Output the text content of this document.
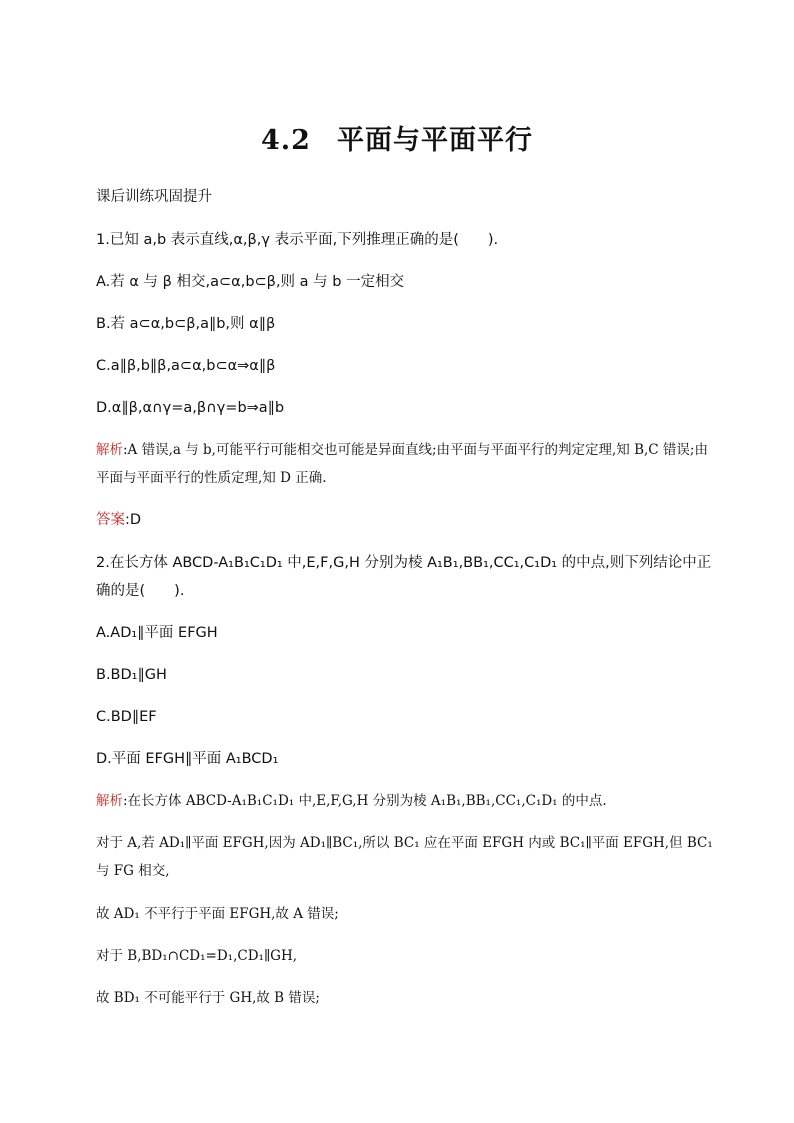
4.2 平面与平面平行
课后训练巩固提升
1.已知 a,b 表示直线,α,β,γ 表示平面,下列推理正确的是(　　).
A.若 α 与 β 相交,a⊂α,b⊂β,则 a 与 b 一定相交
B.若 a⊂α,b⊂β,a∥b,则 α∥β
C.a∥β,b∥β,a⊂α,b⊂α⇒α∥β
D.α∥β,α∩γ=a,β∩γ=b⇒a∥b
解析:A 错误,a 与 b,可能平行可能相交也可能是异面直线;由平面与平面平行的判定定理,知 B,C 错误;由平面与平面平行的性质定理,知 D 正确.
答案:D
2.在长方体 ABCD-A₁B₁C₁D₁ 中,E,F,G,H 分别为棱 A₁B₁,BB₁,CC₁,C₁D₁ 的中点,则下列结论中正确的是(　　).
A.AD₁∥平面 EFGH
B.BD₁∥GH
C.BD∥EF
D.平面 EFGH∥平面 A₁BCD₁
解析:在长方体 ABCD-A₁B₁C₁D₁ 中,E,F,G,H 分别为棱 A₁B₁,BB₁,CC₁,C₁D₁ 的中点.
对于 A,若 AD₁∥平面 EFGH,因为 AD₁∥BC₁,所以 BC₁ 应在平面 EFGH 内或 BC₁∥平面 EFGH,但 BC₁ 与 FG 相交,
故 AD₁ 不平行于平面 EFGH,故 A 错误;
对于 B,BD₁∩CD₁=D₁,CD₁∥GH,
故 BD₁ 不可能平行于 GH,故 B 错误;
